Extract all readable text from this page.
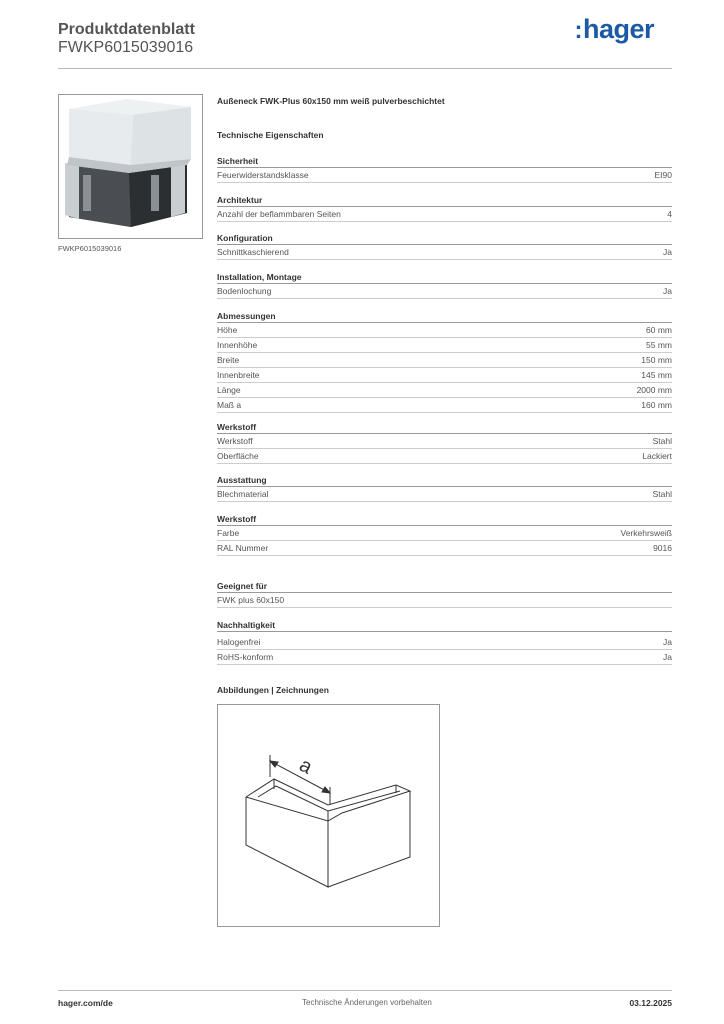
Produktdatenblatt
FWKP6015039016
:hager
FWKP6015039016
Außeneck FWK-Plus 60x150 mm weiß pulverbeschichtet
Technische Eigenschaften
Sicherheit
Feuerwiderstandsklasse	EI90
Architektur
Anzahl der beflammbaren Seiten	4
Konfiguration
Schnittkaschierend	Ja
Installation, Montage
Bodenlochung	Ja
Abmessungen
Höhe	60 mm
Innenhöhe	55 mm
Breite	150 mm
Innenbreite	145 mm
Länge	2000 mm
Maß a	160 mm
Werkstoff
Werkstoff	Stahl
Oberfläche	Lackiert
Ausstattung
Blechmaterial	Stahl
Werkstoff
Farbe	Verkehrsweiß
RAL Nummer	9016
Geeignet für
FWK plus 60x150
Nachhaltigkeit
Halogenfrei	Ja
RoHS-konform	Ja
Abbildungen | Zeichnungen
a
hager.com/de	Technische Änderungen vorbehalten	03.12.2025
